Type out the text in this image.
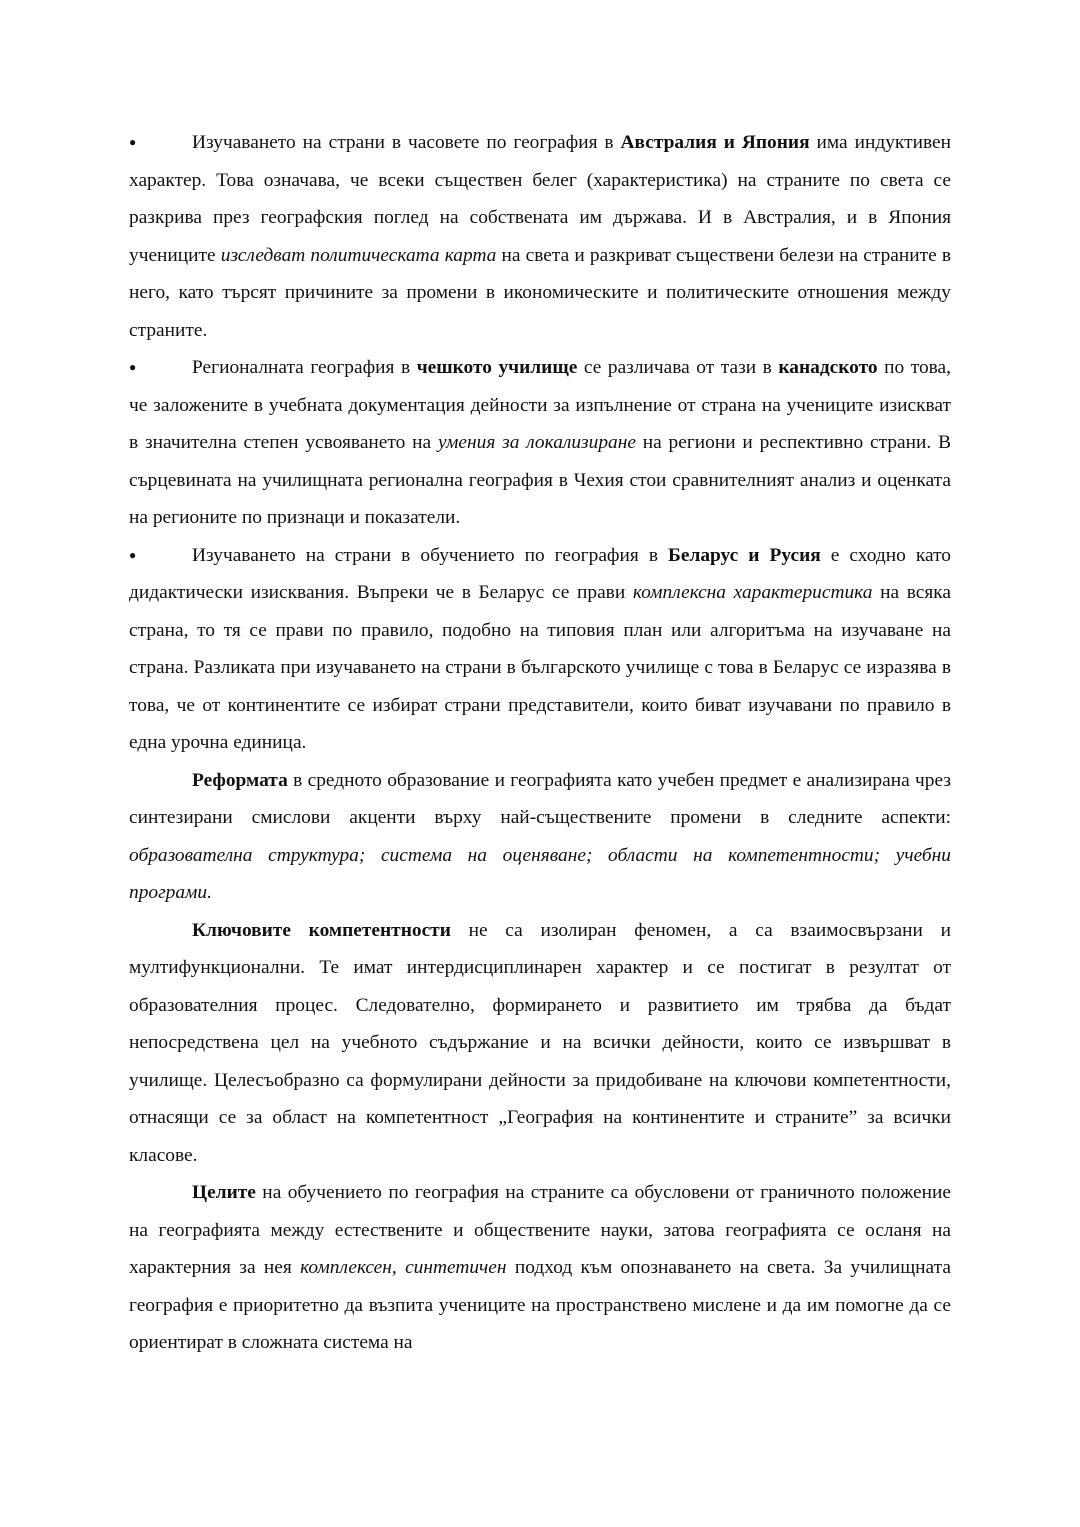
●	Изучаването на страни в часовете по география в Австралия и Япония има индуктивен характер. Това означава, че всеки съществен белег (характеристика) на страните по света се разкрива през географския поглед на собствената им държава. И в Австралия, и в Япония учениците изследват политическата карта на света и разкриват съществени белези на страните в него, като търсят причините за промени в икономическите и политическите отношения между страните.

●	Регионалната география в чешкото училище се различава от тази в канадското по това, че заложените в учебната документация дейности за изпълнение от страна на учениците изискват в значителна степен усвояването на умения за локализиране на региони и респективно страни. В сърцевината на училищната регионална география в Чехия стои сравнителният анализ и оценката на регионите по признаци и показатели.

●	Изучаването на страни в обучението по география в Беларус и Русия е сходно като дидактически изисквания. Въпреки че в Беларус се прави комплексна характеристика на всяка страна, то тя се прави по правило, подобно на типовия план или алгоритъма на изучаване на страна. Разликата при изучаването на страни в българското училище с това в Беларус се изразява в това, че от континентите се избират страни представители, които биват изучавани по правило в една урочна единица.

Реформата в средното образование и географията като учебен предмет е анализирана чрез синтезирани смислови акценти върху най-съществените промени в следните аспекти: образователна структура; система на оценяване; области на компетентности; учебни програми.

Ключовите компетентности не са изолиран феномен, а са взаимосвързани и мултифункционални. Те имат интердисциплинарен характер и се постигат в резултат от образователния процес. Следователно, формирането и развитието им трябва да бъдат непосредствена цел на учебното съдържание и на всички дейности, които се извършват в училище. Целесъобразно са формулирани дейности за придобиване на ключови компетентности, отнасящи се за област на компетентност „География на континентите и страните” за всички класове.

Целите на обучението по география на страните са обусловени от граничното положение на географията между естествените и обществените науки, затова географията се осланя на характерния за нея комплексен, синтетичен подход към опознаването на света. За училищната география е приоритетно да възпита учениците на пространствено мислене и да им помогне да се ориентират в сложната система на
